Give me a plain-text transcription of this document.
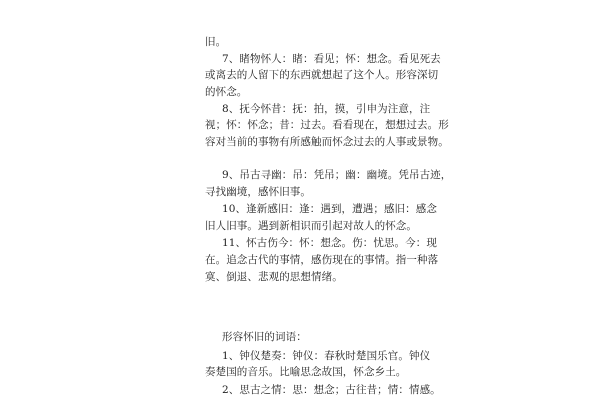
旧。
7、睹物怀人：睹：看见；怀：想念。看见死去
或离去的人留下的东西就想起了这个人。形容深切
的怀念。
8、抚今怀昔：抚：拍，摸，引申为注意，注
视；怀：怀念；昔：过去。看看现在，想想过去。形
容对当前的事物有所感触而怀念过去的人事或景物。
9、吊古寻幽：吊：凭吊；幽：幽境。凭吊古迹，
寻找幽境，感怀旧事。
10、逢新感旧：逢：遇到，遭遇；感旧：感念
旧人旧事。遇到新相识而引起对故人的怀念。
11、怀古伤今：怀：想念。伤：忧思。今：现
在。追念古代的事情，感伤现在的事情。指一种落
寞、倒退、悲观的思想情绪。
形容怀旧的词语：
1、钟仪楚奏：钟仪：春秋时楚国乐官。钟仪
奏楚国的音乐。比喻思念故国，怀念乡土。
2、思古之情：思：想念；古往昔；情：情感。
